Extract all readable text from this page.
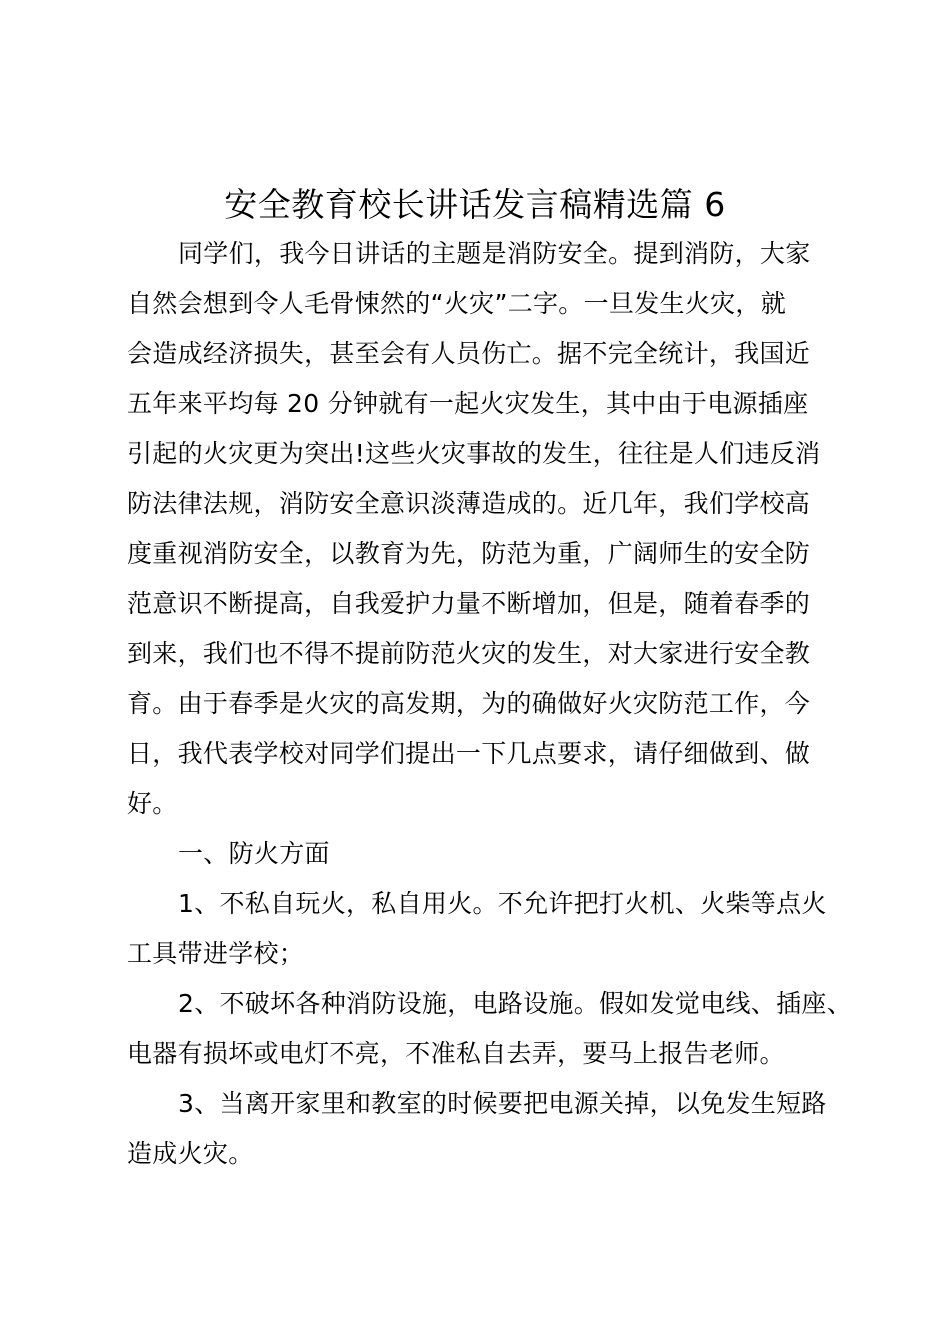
安全教育校长讲话发言稿精选篇 6
同学们，我今日讲话的主题是消防安全。提到消防，大家
自然会想到令人毛骨悚然的“火灾”二字。一旦发生火灾，就
会造成经济损失，甚至会有人员伤亡。据不完全统计，我国近
五年来平均每 20 分钟就有一起火灾发生，其中由于电源插座
引起的火灾更为突出!这些火灾事故的发生，往往是人们违反消
防法律法规，消防安全意识淡薄造成的。近几年，我们学校高
度重视消防安全，以教育为先，防范为重，广阔师生的安全防
范意识不断提高，自我爱护力量不断增加，但是，随着春季的
到来，我们也不得不提前防范火灾的发生，对大家进行安全教
育。由于春季是火灾的高发期，为的确做好火灾防范工作，今
日，我代表学校对同学们提出一下几点要求，请仔细做到、做
好。
一、防火方面
1、不私自玩火，私自用火。不允许把打火机、火柴等点火
工具带进学校；
2、不破坏各种消防设施，电路设施。假如发觉电线、插座、
电器有损坏或电灯不亮，不准私自去弄，要马上报告老师。
3、当离开家里和教室的时候要把电源关掉，以免发生短路
造成火灾。
